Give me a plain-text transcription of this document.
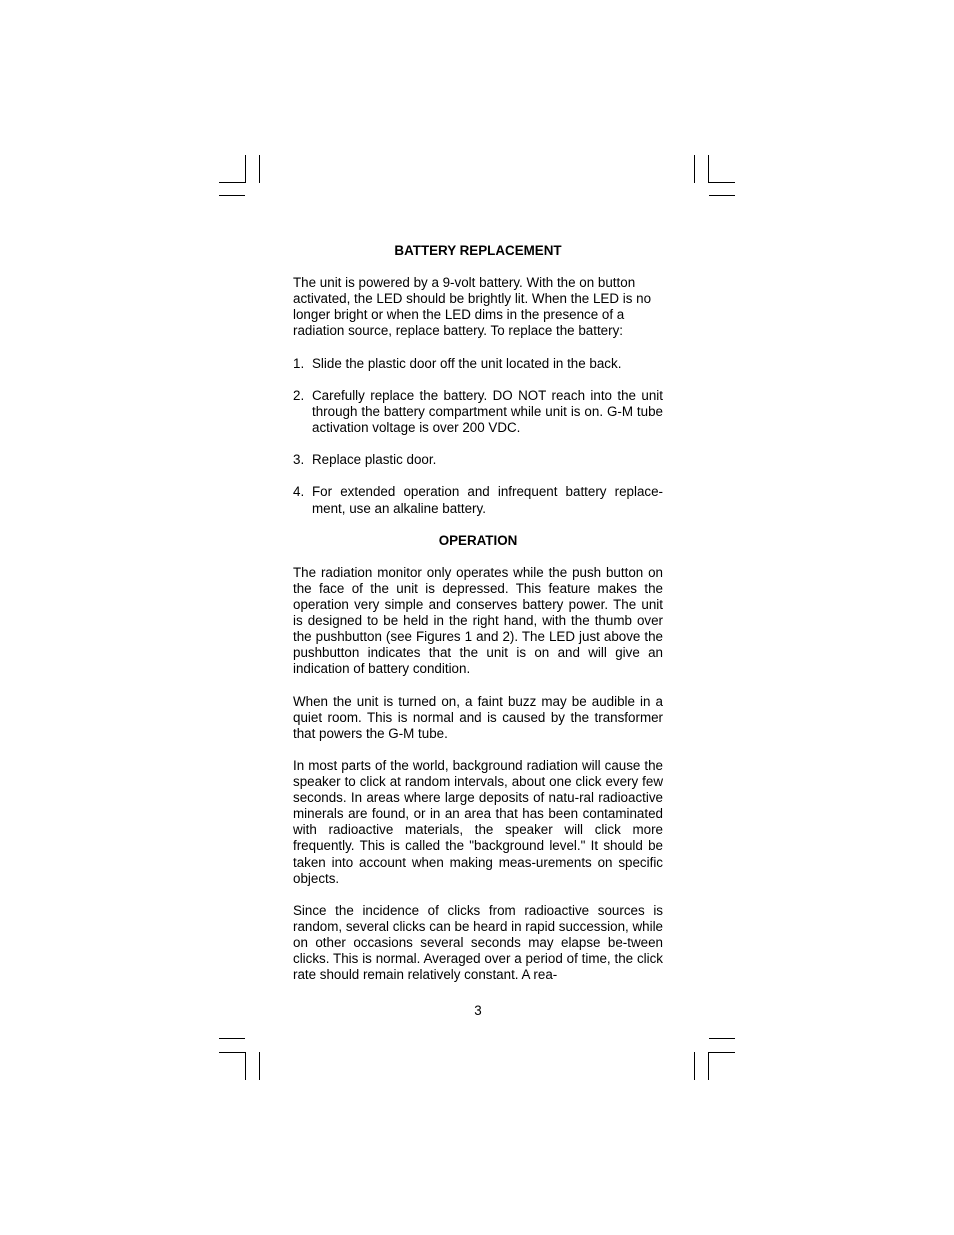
BATTERY REPLACEMENT

The unit is powered by a 9-volt battery. With the on button activated, the LED should be brightly lit. When the LED is no longer bright or when the LED dims in the presence of a radiation source, replace battery. To replace the battery:

1. Slide the plastic door off the unit located in the back.
2. Carefully replace the battery. DO NOT reach into the unit through the battery compartment while unit is on. G-M tube activation voltage is over 200 VDC.
3. Replace plastic door.
4. For extended operation and infrequent battery replace-ment, use an alkaline battery.

OPERATION

The radiation monitor only operates while the push button on the face of the unit is depressed. This feature makes the operation very simple and conserves battery power. The unit is designed to be held in the right hand, with the thumb over the pushbutton (see Figures 1 and 2). The LED just above the pushbutton indicates that the unit is on and will give an indication of battery condition.

When the unit is turned on, a faint buzz may be audible in a quiet room. This is normal and is caused by the transformer that powers the G-M tube.

In most parts of the world, background radiation will cause the speaker to click at random intervals, about one click every few seconds. In areas where large deposits of natu-ral radioactive minerals are found, or in an area that has been contaminated with radioactive materials, the speaker will click more frequently. This is called the "background level." It should be taken into account when making meas-urements on specific objects.

Since the incidence of clicks from radioactive sources is random, several clicks can be heard in rapid succession, while on other occasions several seconds may elapse be-tween clicks. This is normal. Averaged over a period of time, the click rate should remain relatively constant. A rea-

3
